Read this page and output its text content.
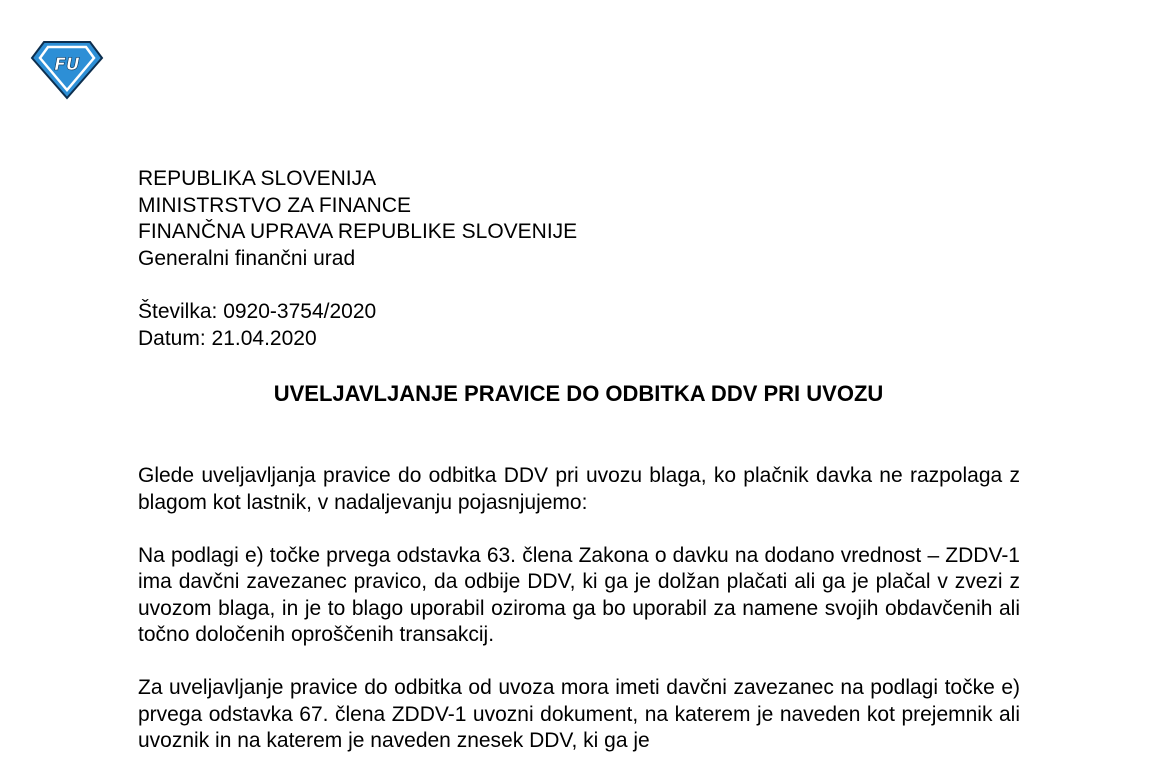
FU
REPUBLIKA SLOVENIJA
MINISTRSTVO ZA FINANCE
FINANČNA UPRAVA REPUBLIKE SLOVENIJE
Generalni finančni urad
Številka: 0920-3754/2020
Datum: 21.04.2020
UVELJAVLJANJE PRAVICE DO ODBITKA DDV PRI UVOZU

Glede uveljavljanja pravice do odbitka DDV pri uvozu blaga, ko plačnik davka ne razpolaga z blagom kot lastnik, v nadaljevanju pojasnjujemo:

Na podlagi e) točke prvega odstavka 63. člena Zakona o davku na dodano vrednost – ZDDV-1 ima davčni zavezanec pravico, da odbije DDV, ki ga je dolžan plačati ali ga je plačal v zvezi z uvozom blaga, in je to blago uporabil oziroma ga bo uporabil za namene svojih obdavčenih ali točno določenih oproščenih transakcij.

Za uveljavljanje pravice do odbitka od uvoza mora imeti davčni zavezanec na podlagi točke e) prvega odstavka 67. člena ZDDV-1 uvozni dokument, na katerem je naveden kot prejemnik ali uvoznik in na katerem je naveden znesek DDV, ki ga je
